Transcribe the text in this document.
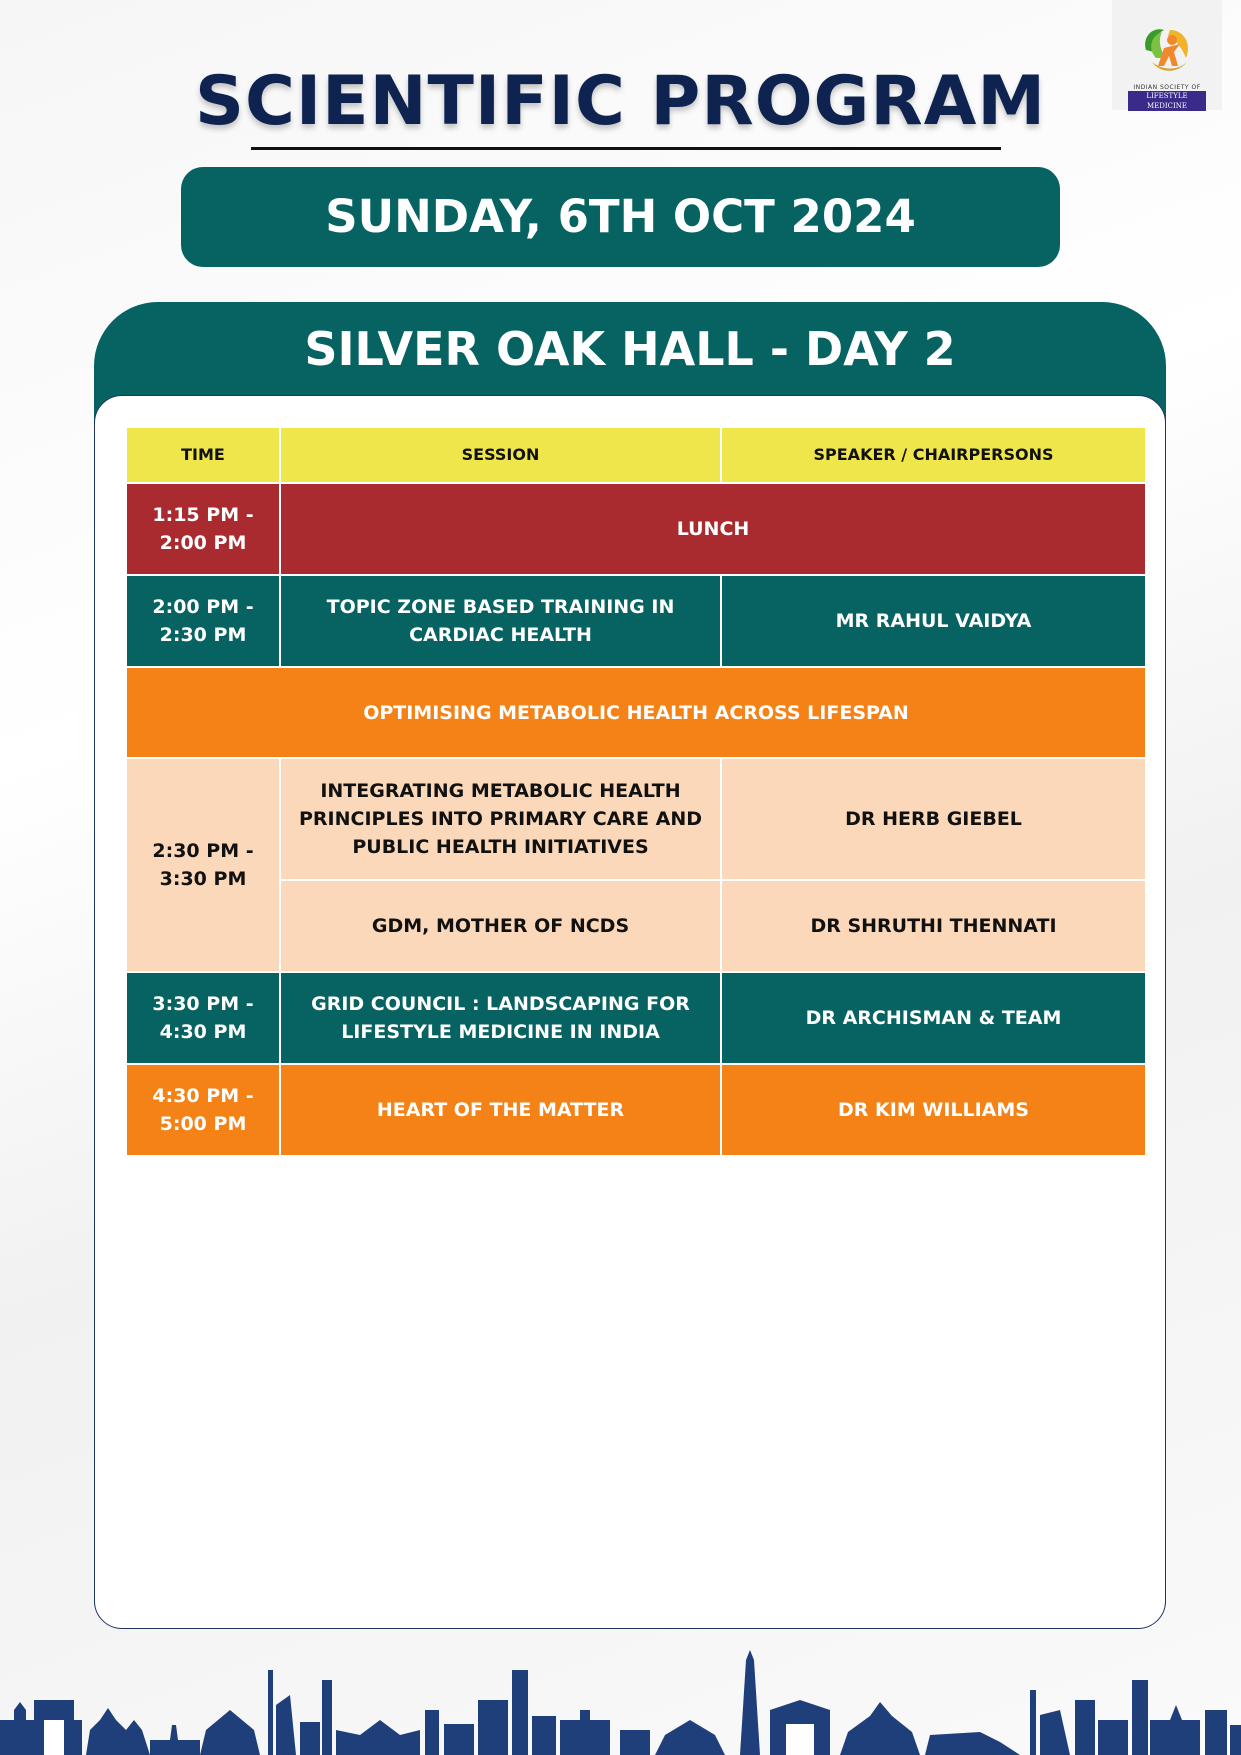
SCIENTIFIC PROGRAM
SUNDAY, 6TH OCT 2024
INDIAN SOCIETY OF
LIFESTYLE MEDICINE
SILVER OAK HALL - DAY 2
TIME	SESSION	SPEAKER / CHAIRPERSONS
1:15 PM - 2:00 PM	LUNCH	
2:00 PM - 2:30 PM	TOPIC ZONE BASED TRAINING IN CARDIAC HEALTH	MR RAHUL VAIDYA
OPTIMISING METABOLIC HEALTH ACROSS LIFESPAN		
2:30 PM - 3:30 PM	INTEGRATING METABOLIC HEALTH PRINCIPLES INTO PRIMARY CARE AND PUBLIC HEALTH INITIATIVES	DR HERB GIEBEL
	GDM, MOTHER OF NCDS	DR SHRUTHI THENNATI
3:30 PM - 4:30 PM	GRID COUNCIL : LANDSCAPING FOR LIFESTYLE MEDICINE IN INDIA	DR ARCHISMAN & TEAM
4:30 PM - 5:00 PM	HEART OF THE MATTER	DR KIM WILLIAMS
